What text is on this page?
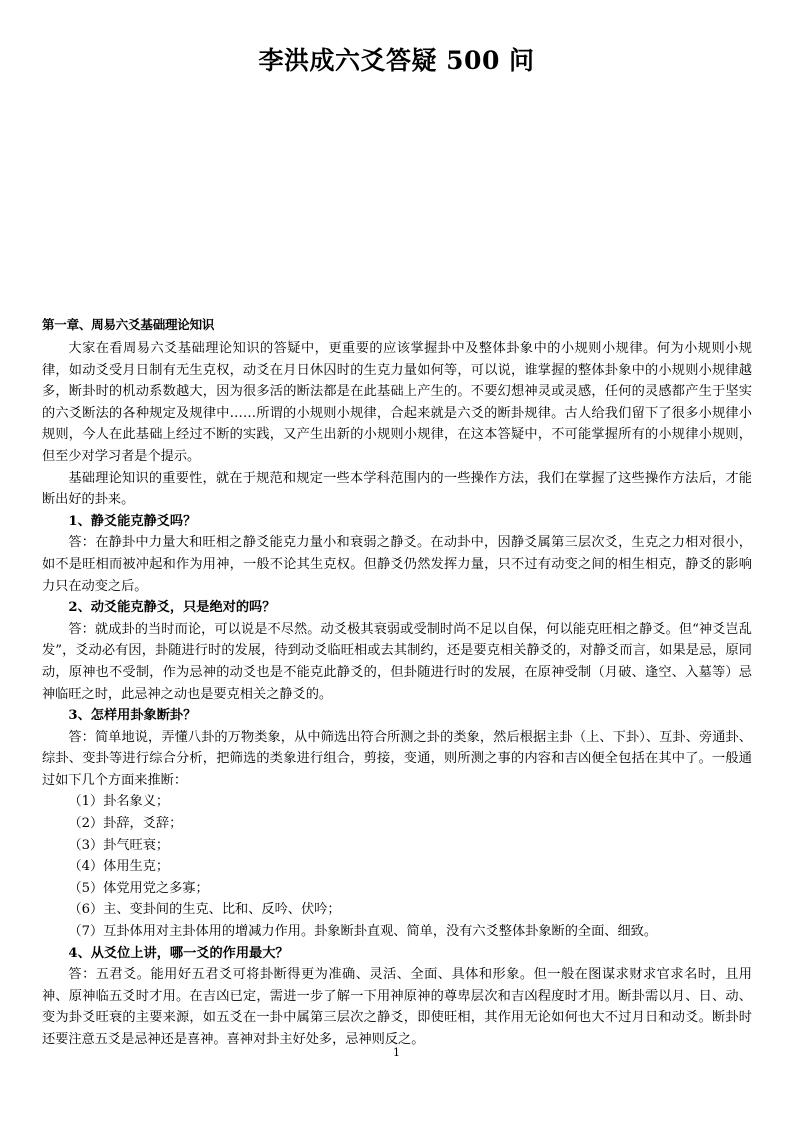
李洪成六爻答疑 500 问
第一章、周易六爻基础理论知识

大家在看周易六爻基础理论知识的答疑中，更重要的应该掌握卦中及整体卦象中的小规则小规律。何为小规则小规律，如动爻受月日制有无生克权，动爻在月日休囚时的生克力量如何等，可以说，谁掌握的整体卦象中的小规则小规律越多，断卦时的机动系数越大，因为很多活的断法都是在此基础上产生的。不要幻想神灵或灵感，任何的灵感都产生于坚实的六爻断法的各种规定及规律中……所谓的小规则小规律，合起来就是六爻的断卦规律。古人给我们留下了很多小规律小规则，今人在此基础上经过不断的实践，又产生出新的小规则小规律，在这本答疑中，不可能掌握所有的小规律小规则，但至少对学习者是个提示。

基础理论知识的重要性，就在于规范和规定一些本学科范围内的一些操作方法，我们在掌握了这些操作方法后，才能断出好的卦来。

1、静爻能克静爻吗？

答：在静卦中力量大和旺相之静爻能克力量小和衰弱之静爻。在动卦中，因静爻属第三层次爻，生克之力相对很小，如不是旺相而被冲起和作为用神，一般不论其生克权。但静爻仍然发挥力量，只不过有动变之间的相生相克，静爻的影响力只在动变之后。

2、动爻能克静爻，只是绝对的吗？

答：就成卦的当时而论，可以说是不尽然。动爻极其衰弱或受制时尚不足以自保，何以能克旺相之静爻。但“神爻岂乱发”，爻动必有因，卦随进行时的发展，待到动爻临旺相或去其制约，还是要克相关静爻的，对静爻而言，如果是忌，原同动，原神也不受制，作为忌神的动爻也是不能克此静爻的，但卦随进行时的发展，在原神受制（月破、逢空、入墓等）忌神临旺之时，此忌神之动也是要克相关之静爻的。

3、怎样用卦象断卦？

答：简单地说，弄懂八卦的万物类象，从中筛选出符合所测之卦的类象，然后根据主卦（上、下卦）、互卦、旁通卦、综卦、变卦等进行综合分析，把筛选的类象进行组合，剪接，变通，则所测之事的内容和吉凶便全包括在其中了。一般通过如下几个方面来推断：

（1）卦名象义；

（2）卦辞，爻辞；

（3）卦气旺衰；

（4）体用生克；

（5）体党用党之多寡；

（6）主、变卦间的生克、比和、反吟、伏吟；

（7）互卦体用对主卦体用的增减力作用。卦象断卦直观、简单，没有六爻整体卦象断的全面、细致。

4、从爻位上讲，哪一爻的作用最大？

答：五君爻。能用好五君爻可将卦断得更为准确、灵活、全面、具体和形象。但一般在图谋求财求官求名时，且用神、原神临五爻时才用。在吉凶已定，需进一步了解一下用神原神的尊卑层次和吉凶程度时才用。断卦需以月、日、动、变为卦爻旺衰的主要来源，如五爻在一卦中属第三层次之静爻，即使旺相，其作用无论如何也大不过月日和动爻。断卦时还要注意五爻是忌神还是喜神。喜神对卦主好处多，忌神则反之。

1
